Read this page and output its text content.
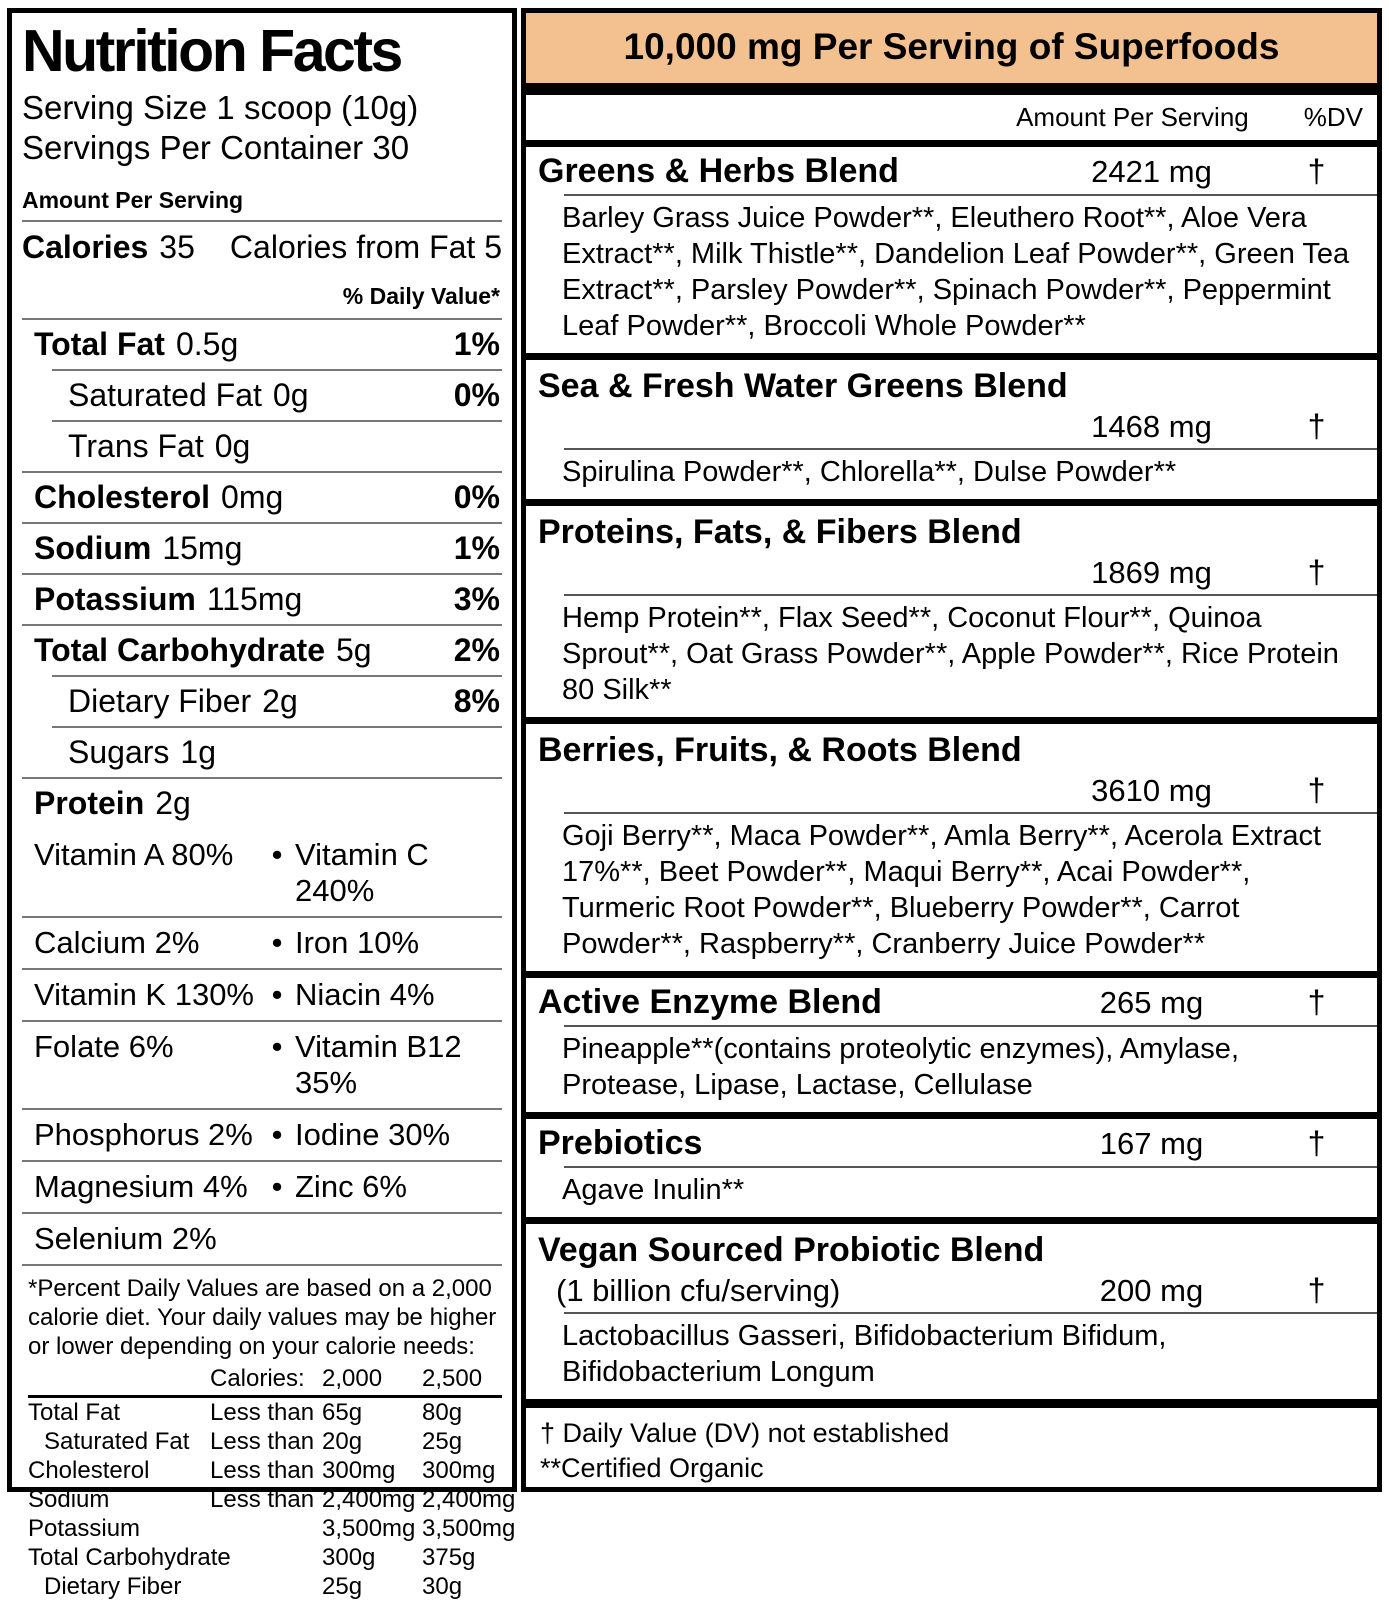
Nutrition Facts
Serving Size 1 scoop (10g)
Servings Per Container 30
Amount Per Serving
Calories 35 Calories from Fat 5
% Daily Value*
Total Fat 0.5g	1%
Saturated Fat 0g	0%
Trans Fat 0g
Cholesterol 0mg	0%
Sodium 15mg	1%
Potassium 115mg	3%
Total Carbohydrate 5g	2%
Dietary Fiber 2g	8%
Sugars 1g
Protein 2g
Vitamin A 80%	• Vitamin C 240%
Calcium 2%	• Iron 10%
Vitamin K 130% • Niacin 4%
Folate 6%	• Vitamin B12 35%
Phosphorus 2% • Iodine 30%
Magnesium 4% • Zinc 6%
Selenium 2%
*Percent Daily Values are based on a 2,000 calorie diet. Your daily values may be higher or lower depending on your calorie needs:
Calories: 2,000	2,500
Total Fat	Less than 65g	80g
Saturated Fat Less than 20g	25g
Cholesterol	Less than 300mg	300mg
Sodium	Less than 2,400mg 2,400mg
Potassium	3,500mg 3,500mg
Total Carbohydrate	300g	375g
Dietary Fiber	25g	30g
10,000 mg Per Serving of Superfoods
Amount Per Serving %DV
Greens & Herbs Blend	2421 mg	†

Barley Grass Juice Powder**, Eleuthero Root**, Aloe Vera Extract**, Milk Thistle**, Dandelion Leaf Powder**, Green Tea Extract**, Parsley Powder**, Spinach Powder**, Peppermint Leaf Powder**, Broccoli Whole Powder**

Sea & Fresh Water Greens Blend
1468 mg	†

Spirulina Powder**, Chlorella**, Dulse Powder**

Proteins, Fats, & Fibers Blend
1869 mg	†

Hemp Protein**, Flax Seed**, Coconut Flour**, Quinoa Sprout**, Oat Grass Powder**, Apple Powder**, Rice Protein 80 Silk**

Berries, Fruits, & Roots Blend
3610 mg	†

Goji Berry**, Maca Powder**, Amla Berry**, Acerola Extract 17%**, Beet Powder**, Maqui Berry**, Acai Powder**, Turmeric Root Powder**, Blueberry Powder**, Carrot Powder**, Raspberry**, Cranberry Juice Powder**

Active Enzyme Blend	265 mg	†

Pineapple**(contains proteolytic enzymes), Amylase, Protease, Lipase, Lactase, Cellulase

Prebiotics	167 mg	†

Agave Inulin**

Vegan Sourced Probiotic Blend
(1 billion cfu/serving)	200 mg	†

Lactobacillus Gasseri, Bifidobacterium Bifidum, Bifidobacterium Longum

† Daily Value (DV) not established
**Certified Organic
